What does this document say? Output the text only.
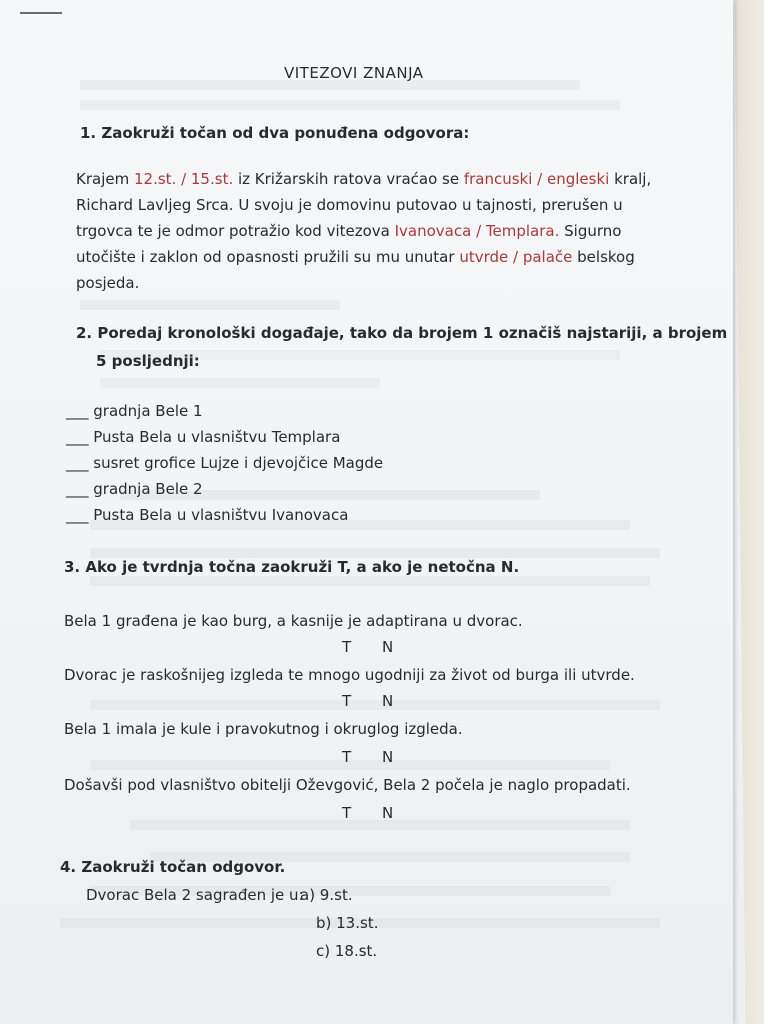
VITEZOVI ZNANJA
1. Zaokruži točan od dva ponuđena odgovora:
Krajem 12.st. / 15.st. iz Križarskih ratova vraćao se francuski / engleski kralj,
Richard Lavljeg Srca. U svoju je domovinu putovao u tajnosti, prerušen u
trgovca te je odmor potražio kod vitezova Ivanovaca / Templara. Sigurno
utočište i zaklon od opasnosti pružili su mu unutar utvrde / palače belskog
posjeda.
2. Poredaj kronološki događaje, tako da brojem 1 označiš najstariji, a brojem
5 posljednji:
___ gradnja Bele 1
___ Pusta Bela u vlasništvu Templara
___ susret grofice Lujze i djevojčice Magde
___ gradnja Bele 2
___ Pusta Bela u vlasništvu Ivanovaca
3. Ako je tvrdnja točna zaokruži T, a ako je netočna N.
Bela 1 građena je kao burg, a kasnije je adaptirana u dvorac.
T N
Dvorac je raskošnijeg izgleda te mnogo ugodniji za život od burga ili utvrde.
T N
Bela 1 imala je kule i pravokutnog i okruglog izgleda.
T N
Došavši pod vlasništvo obitelji Oževgović, Bela 2 počela je naglo propadati.
T N
4. Zaokruži točan odgovor.
Dvorac Bela 2 sagrađen je u:
a) 9.st.
b) 13.st.
c) 18.st.
